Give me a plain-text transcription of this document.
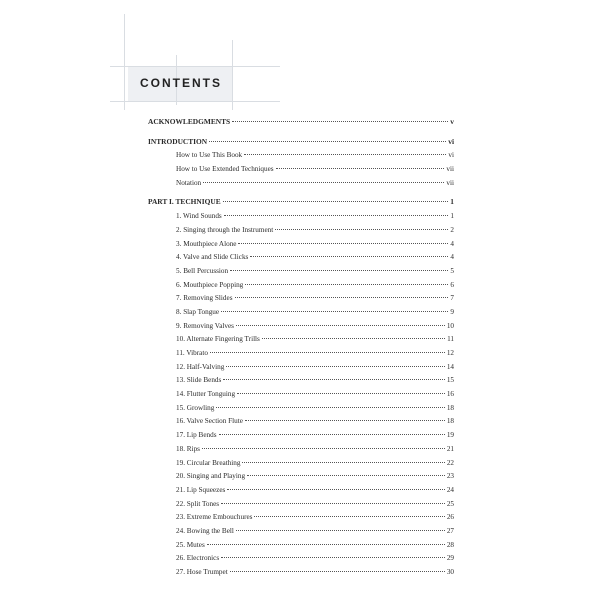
CONTENTS
ACKNOWLEDGMENTS	v
INTRODUCTION	vi
How to Use This Book	vi
How to Use Extended Techniques	vii
Notation	vii
PART I. TECHNIQUE	1
1. Wind Sounds	1
2. Singing through the Instrument	2
3. Mouthpiece Alone	4
4. Valve and Slide Clicks	4
5. Bell Percussion	5
6. Mouthpiece Popping	6
7. Removing Slides	7
8. Slap Tongue	9
9. Removing Valves	10
10. Alternate Fingering Trills	11
11. Vibrato	12
12. Half-Valving	14
13. Slide Bends	15
14. Flutter Tonguing	16
15. Growling	18
16. Valve Section Flute	18
17. Lip Bends	19
18. Rips	21
19. Circular Breathing	22
20. Singing and Playing	23
21. Lip Squeezes	24
22. Split Tones	25
23. Extreme Embouchures	26
24. Bowing the Bell	27
25. Mutes	28
26. Electronics	29
27. Hose Trumpet	30
